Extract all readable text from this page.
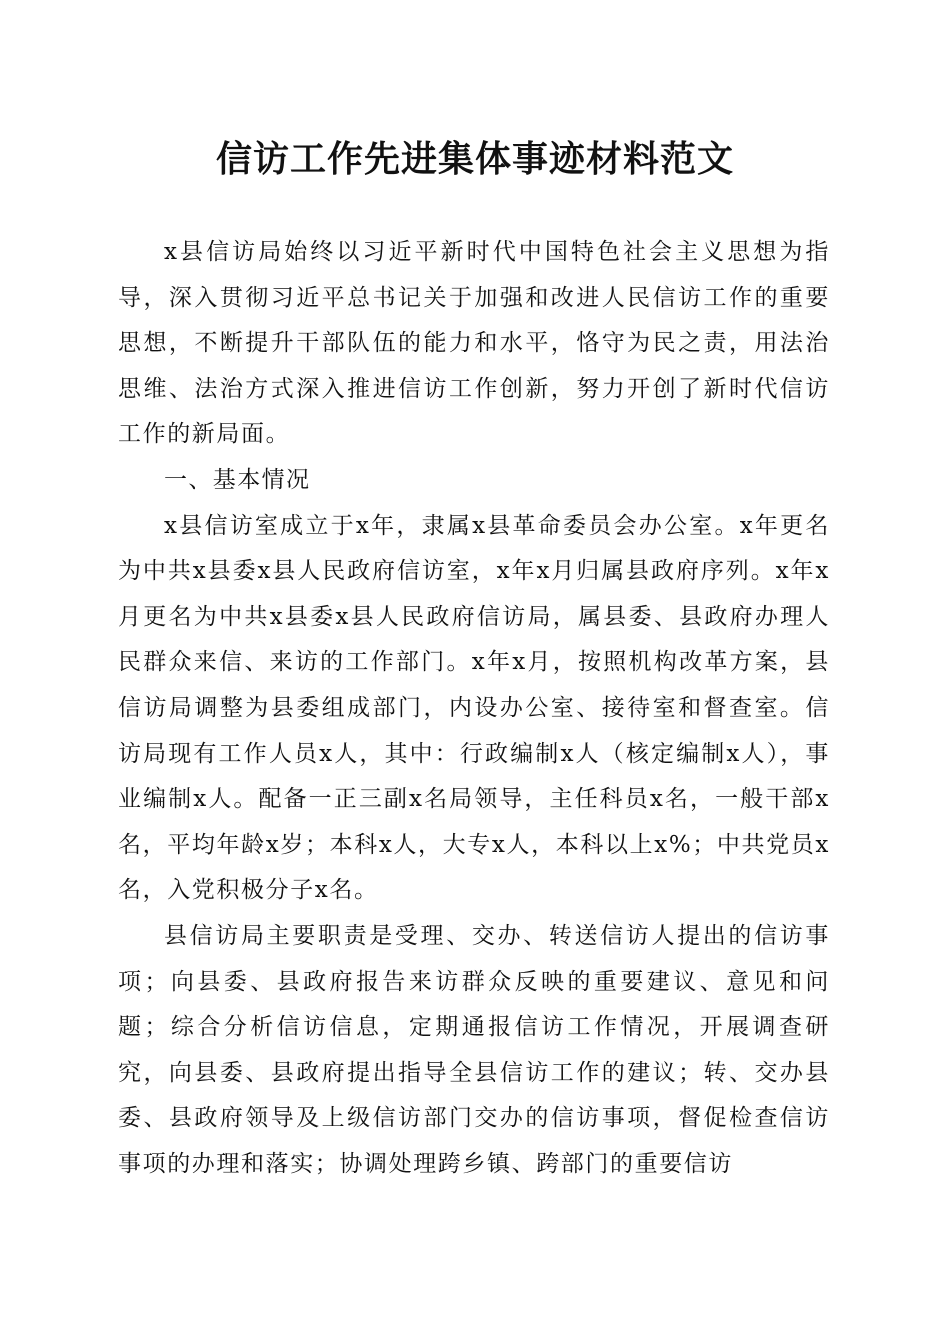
信访工作先进集体事迹材料范文

x县信访局始终以习近平新时代中国特色社会主义思想为指导，深入贯彻习近平总书记关于加强和改进人民信访工作的重要思想，不断提升干部队伍的能力和水平，恪守为民之责，用法治思维、法治方式深入推进信访工作创新，努力开创了新时代信访工作的新局面。

一、基本情况

x县信访室成立于x年，隶属x县革命委员会办公室。x年更名为中共x县委x县人民政府信访室，x年x月归属县政府序列。x年x月更名为中共x县委x县人民政府信访局，属县委、县政府办理人民群众来信、来访的工作部门。x年x月，按照机构改革方案，县信访局调整为县委组成部门，内设办公室、接待室和督查室。信访局现有工作人员x人，其中：行政编制x人（核定编制x人），事业编制x人。配备一正三副x名局领导，主任科员x名，一般干部x名，平均年龄x岁；本科x人，大专x人，本科以上x%；中共党员x名，入党积极分子x名。

县信访局主要职责是受理、交办、转送信访人提出的信访事项；向县委、县政府报告来访群众反映的重要建议、意见和问题；综合分析信访信息，定期通报信访工作情况，开展调查研究，向县委、县政府提出指导全县信访工作的建议；转、交办县委、县政府领导及上级信访部门交办的信访事项，督促检查信访事项的办理和落实；协调处理跨乡镇、跨部门的重要信访
